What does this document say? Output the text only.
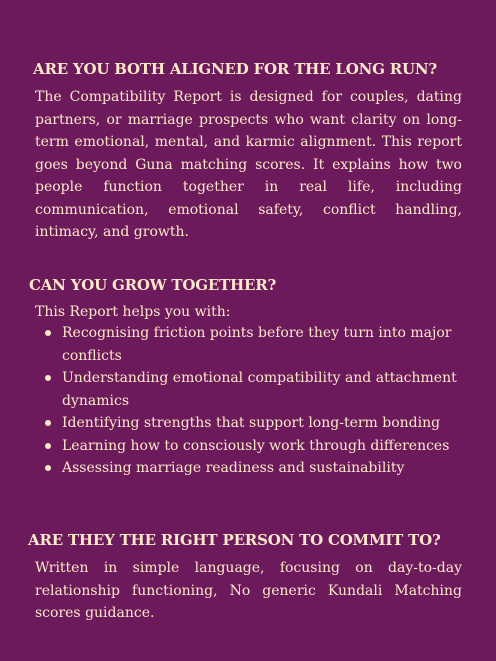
ARE YOU BOTH ALIGNED FOR THE LONG RUN?

The Compatibility Report is designed for couples, dating partners, or marriage prospects who want clarity on long-term emotional, mental, and karmic alignment. This report goes beyond Guna matching scores. It explains how two people function together in real life, including communication, emotional safety, conflict handling, intimacy, and growth.

CAN YOU GROW TOGETHER?

This Report helps you with:

Recognising friction points before they turn into major conflicts
Understanding emotional compatibility and attachment dynamics
Identifying strengths that support long-term bonding
Learning how to consciously work through differences
Assessing marriage readiness and sustainability
ARE THEY THE RIGHT PERSON TO COMMIT TO?

Written in simple language, focusing on day-to-day relationship functioning, No generic Kundali Matching scores guidance.
